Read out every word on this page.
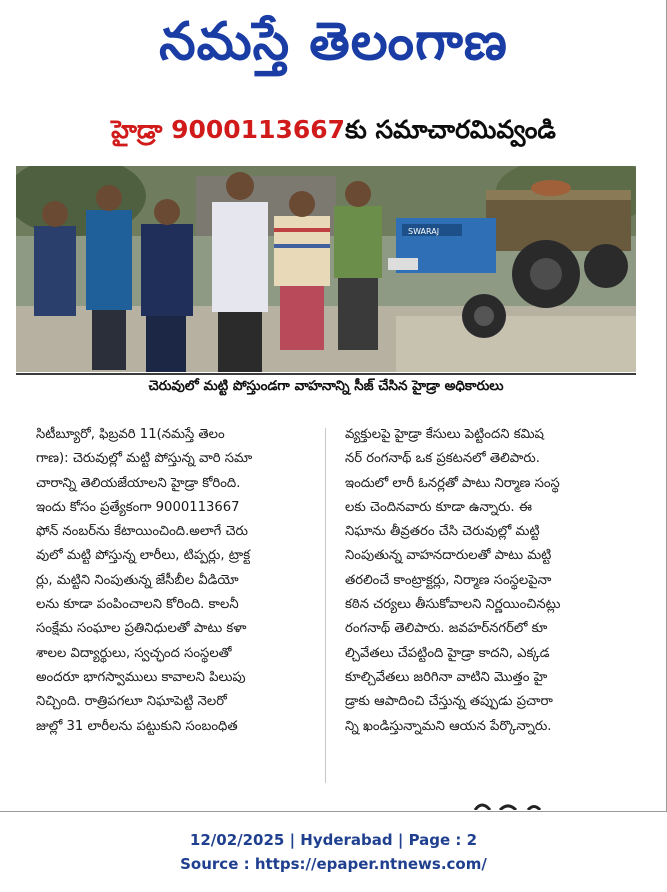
నమస్తే తెలంగాణ
హైడ్రా 9000113667 కు సమాచారమివ్వండి
SWARAJ
చెరువులో మట్టి పోస్తుండగా వాహనాన్ని సీజ్ చేసిన హైడ్రా అధికారులు
సిటీబ్యూరో, ఫిబ్రవరి 11(నమస్తే తెలం
గాణ): చెరువుల్లో మట్టి పోస్తున్న వారి సమా
చారాన్ని తెలియజేయాలని హైడ్రా కోరింది.
ఇందు కోసం ప్రత్యేకంగా 9000113667
ఫోన్ నంబర్‌ను కేటాయించింది.అలాగే చెరు
వులో మట్టి పోస్తున్న లారీలు, టిప్పర్లు, ట్రాక్ట
ర్లు, మట్టిని నింపుతున్న జేసీబీల వీడియో
లను కూడా పంపించాలని కోరింది. కాలనీ
సంక్షేమ సంఘాల ప్రతినిధులతో పాటు కళా
శాలల విద్యార్థులు, స్వచ్ఛంద సంస్థలతో
అందరూ భాగస్వాములు కావాలని పిలుపు
నిచ్చింది. రాత్రిపగలూ నిఘాపెట్టి నెలరో
జుల్లో 31 లారీలను పట్టుకుని సంబంధిత
వ్యక్తులపై హైడ్రా కేసులు పెట్టిందని కమిష
నర్ రంగనాథ్ ఒక ప్రకటనలో తెలిపారు.
ఇందులో లారీ ఓనర్లతో పాటు నిర్మాణ సంస్థ
లకు చెందినవారు కూడా ఉన్నారు. ఈ
నిఘాను తీవ్రతరం చేసి చెరువుల్లో మట్టి
నింపుతున్న వాహనదారులతో పాటు మట్టి
తరలించే కాంట్రాక్టర్లు, నిర్మాణ సంస్థలపైనా
కఠిన చర్యలు తీసుకోవాలని నిర్ణయించినట్లు
రంగనాథ్ తెలిపారు. జవహర్‌నగర్‌లో కూ
ల్చివేతలు చేపట్టింది హైడ్రా కాదని, ఎక్కడ
కూల్చివేతలు జరిగినా వాటిని మొత్తం హై
డ్రాకు ఆపాదించి చేస్తున్న తప్పుడు ప్రచారా
న్ని ఖండిస్తున్నామని ఆయన పేర్కొన్నారు.
12/02/2025 | Hyderabad | Page : 2
Source : https://epaper.ntnews.com/
